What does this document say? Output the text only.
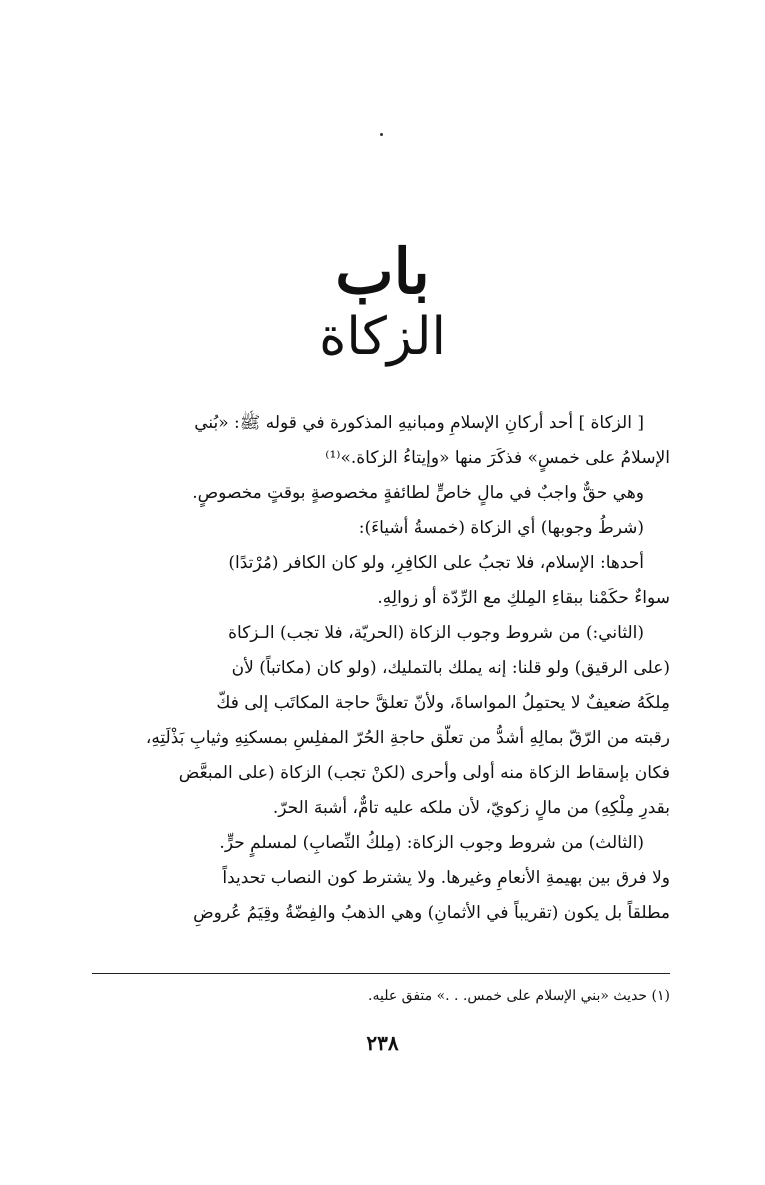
باب
الزكاة
[ الزكاة ] أحد أركانِ الإسلامِ ومبانيهِ المذكورة في قوله ﷺ: «بُني
الإسلامُ على خمسٍ» فذكَرَ منها «وإيتاءُ الزكاة.»⁽¹⁾
وهي حقٌّ واجبٌ في مالٍ خاصٍّ لطائفةٍ مخصوصةٍ بوقتٍ مخصوصٍ.
(شرطُ وجوبها) أي الزكاة (خمسةُ أشياءَ):
أحدها: الإسلام، فلا تجبُ على الكافِرِ، ولو كان الكافر (مُرْتدًا)
سواءٌ حكَمْنا ببقاءِ المِلكِ مع الرِّدّة أو زوالِهِ.
(الثاني:) من شروط وجوب الزكاة (الحريّة، فلا تجب) الـزكاة
(على الرقيق) ولو قلنا: إنه يملك بالتمليك، (ولو كان (مكاتباً) لأن
مِلكَهُ ضعيفٌ لا يحتمِلُ المواساةَ، ولأنّ تعلقَّ حاجة المكاتَب إلى فكّ
رقبته من الرّقّ بمالِهِ أشدُّ من تعلّق حاجةِ الحُرّ المفلِسِ بمسكنِهِ وثيابِ بَذْلَتِهِ،
فكان بإسقاط الزكاة منه أولى وأحرى (لكنْ تجب) الزكاة (على المبعَّض
بقدرِ مِلْكِهِ) من مالٍ زكويّ، لأن ملكه عليه تامٌّ، أشبهَ الحرّ.
(الثالث) من شروط وجوب الزكاة: (مِلكُ النِّصابِ) لمسلمٍ حرٍّ.
ولا فرق بين بهيمةِ الأنعامِ وغيرها. ولا يشترط كون النصاب تحديداً
مطلقاً بل يكون (تقريباً في الأثمانِ) وهي الذهبُ والفِضّةُ وقِيَمُ عُروضِ
(١) حديث «بني الإسلام على خمس. . .» متفق عليه.
٢٣٨
